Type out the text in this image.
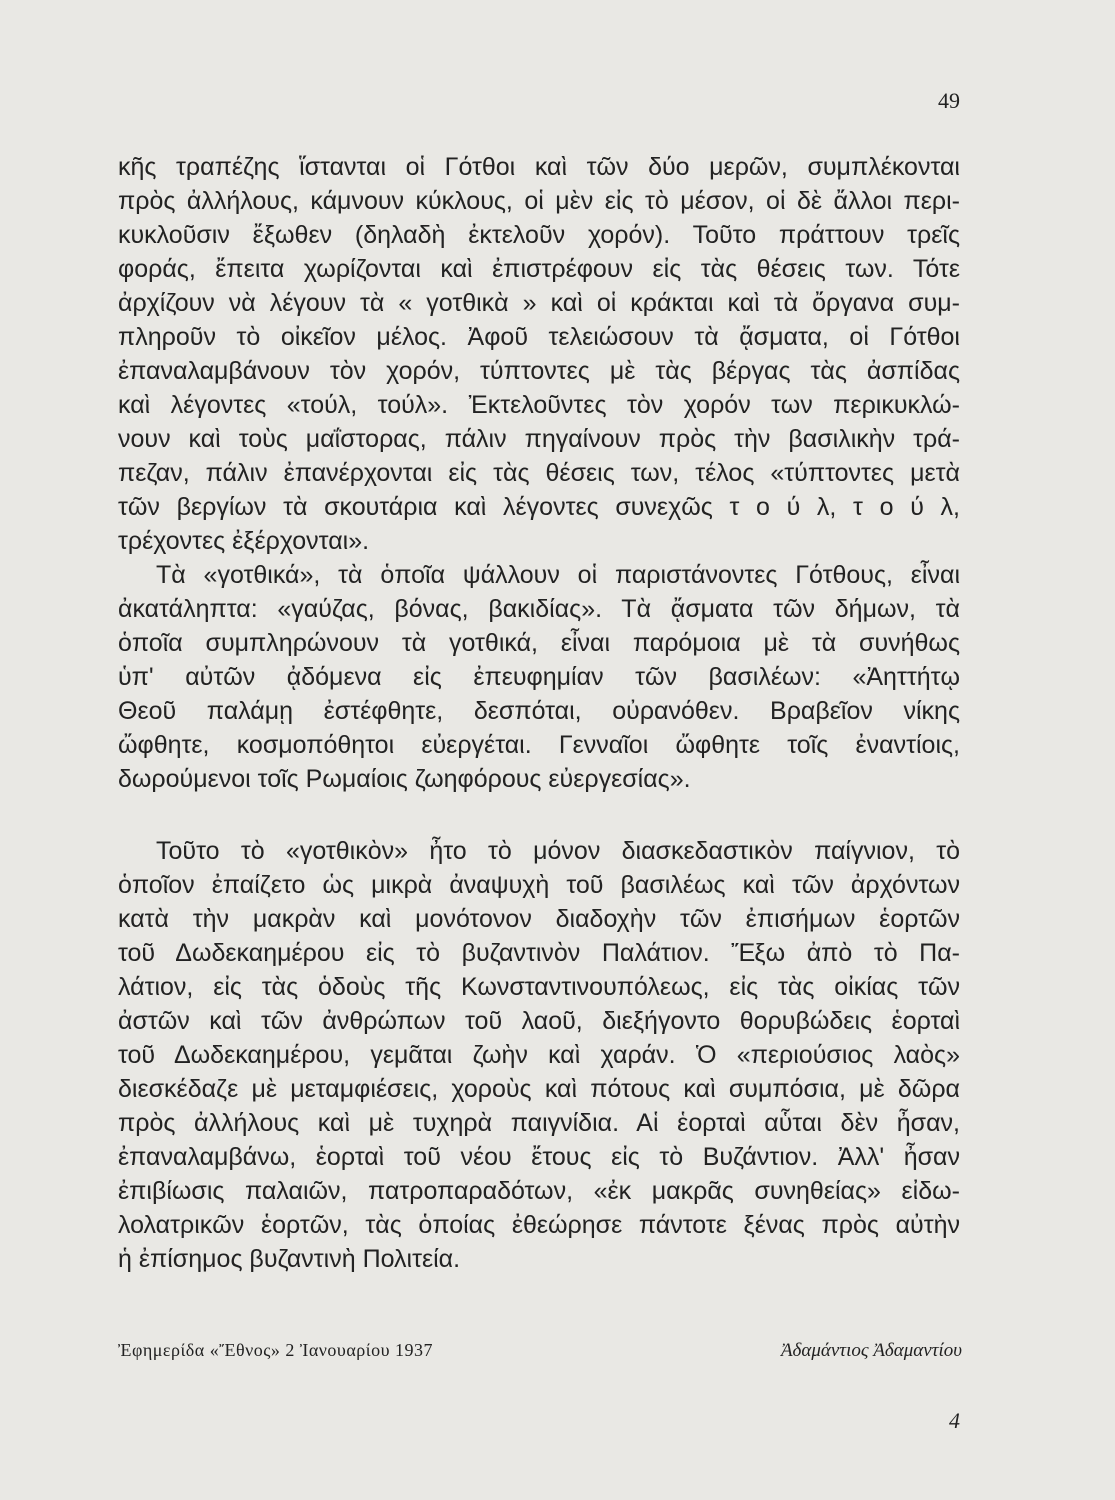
49
κῆς τραπέζης ἵστανται οἱ Γότθοι καὶ τῶν δύο μερῶν, συμπλέκονται
πρὸς ἀλλήλους, κάμνουν κύκλους, οἱ μὲν εἰς τὸ μέσον, οἱ δὲ ἄλλοι περι-
κυκλοῦσιν ἔξωθεν (δηλαδὴ ἐκτελοῦν χορόν). Τοῦτο πράττουν τρεῖς
φοράς, ἔπειτα χωρίζονται καὶ ἐπιστρέφουν εἰς τὰς θέσεις των. Τότε
ἀρχίζουν νὰ λέγουν τὰ « γοτθικὰ » καὶ οἱ κράκται καὶ τὰ ὄργανα συμ-
πληροῦν τὸ οἰκεῖον μέλος. Ἀφοῦ τελειώσουν τὰ ᾄσματα, οἱ Γότθοι
ἐπαναλαμβάνουν τὸν χορόν, τύπτοντες μὲ τὰς βέργας τὰς ἀσπίδας
καὶ λέγοντες «τούλ, τούλ». Ἐκτελοῦντες τὸν χορόν των περικυκλώ-
νουν καὶ τοὺς μαΐστορας, πάλιν πηγαίνουν πρὸς τὴν βασιλικὴν τρά-
πεζαν, πάλιν ἐπανέρχονται εἰς τὰς θέσεις των, τέλος «τύπτοντες μετὰ
τῶν βεργίων τὰ σκουτάρια καὶ λέγοντες συνεχῶς τ ο ύ λ, τ ο ύ λ,
τρέχοντες ἐξέρχονται».
Τὰ «γοτθικά», τὰ ὁποῖα ψάλλουν οἱ παριστάνοντες Γότθους, εἶναι
ἀκατάληπτα: «γαύζας, βόνας, βακιδίας». Τὰ ᾄσματα τῶν δήμων, τὰ
ὁποῖα συμπληρώνουν τὰ γοτθικά, εἶναι παρόμοια μὲ τὰ συνήθως
ὑπ' αὐτῶν ᾀδόμενα εἰς ἐπευφημίαν τῶν βασιλέων: «Ἀηττήτῳ
Θεοῦ παλάμῃ ἐστέφθητε, δεσπόται, οὐρανόθεν. Βραβεῖον νίκης
ὤφθητε, κοσμοπόθητοι εὐεργέται. Γενναῖοι ὤφθητε τοῖς ἐναντίοις,
δωρούμενοι τοῖς Ρωμαίοις ζωηφόρους εὐεργεσίας».
Τοῦτο τὸ «γοτθικὸν» ἦτο τὸ μόνον διασκεδαστικὸν παίγνιον, τὸ
ὁποῖον ἐπαίζετο ὡς μικρὰ ἀναψυχὴ τοῦ βασιλέως καὶ τῶν ἀρχόντων
κατὰ τὴν μακρὰν καὶ μονότονον διαδοχὴν τῶν ἐπισήμων ἑορτῶν
τοῦ Δωδεκαημέρου εἰς τὸ βυζαντινὸν Παλάτιον. Ἔξω ἀπὸ τὸ Πα-
λάτιον, εἰς τὰς ὁδοὺς τῆς Κωνσταντινουπόλεως, εἰς τὰς οἰκίας τῶν
ἀστῶν καὶ τῶν ἀνθρώπων τοῦ λαοῦ, διεξήγοντο θορυβώδεις ἑορταὶ
τοῦ Δωδεκαημέρου, γεμᾶται ζωὴν καὶ χαράν. Ὁ «περιούσιος λαὸς»
διεσκέδαζε μὲ μεταμφιέσεις, χοροὺς καὶ πότους καὶ συμπόσια, μὲ δῶρα
πρὸς ἀλλήλους καὶ μὲ τυχηρὰ παιγνίδια. Αἱ ἑορταὶ αὗται δὲν ἦσαν,
ἐπαναλαμβάνω, ἑορταὶ τοῦ νέου ἔτους εἰς τὸ Βυζάντιον. Ἀλλ' ἦσαν
ἐπιβίωσις παλαιῶν, πατροπαραδότων, «ἐκ μακρᾶς συνηθείας» εἰδω-
λολατρικῶν ἑορτῶν, τὰς ὁποίας ἐθεώρησε πάντοτε ξένας πρὸς αὐτὴν
ἡ ἐπίσημος βυζαντινὴ Πολιτεία.
Ἐφημερίδα «Ἔθνος» 2 Ἰανουαρίου 1937	Ἀδαμάντιος Ἀδαμαντίου
4
